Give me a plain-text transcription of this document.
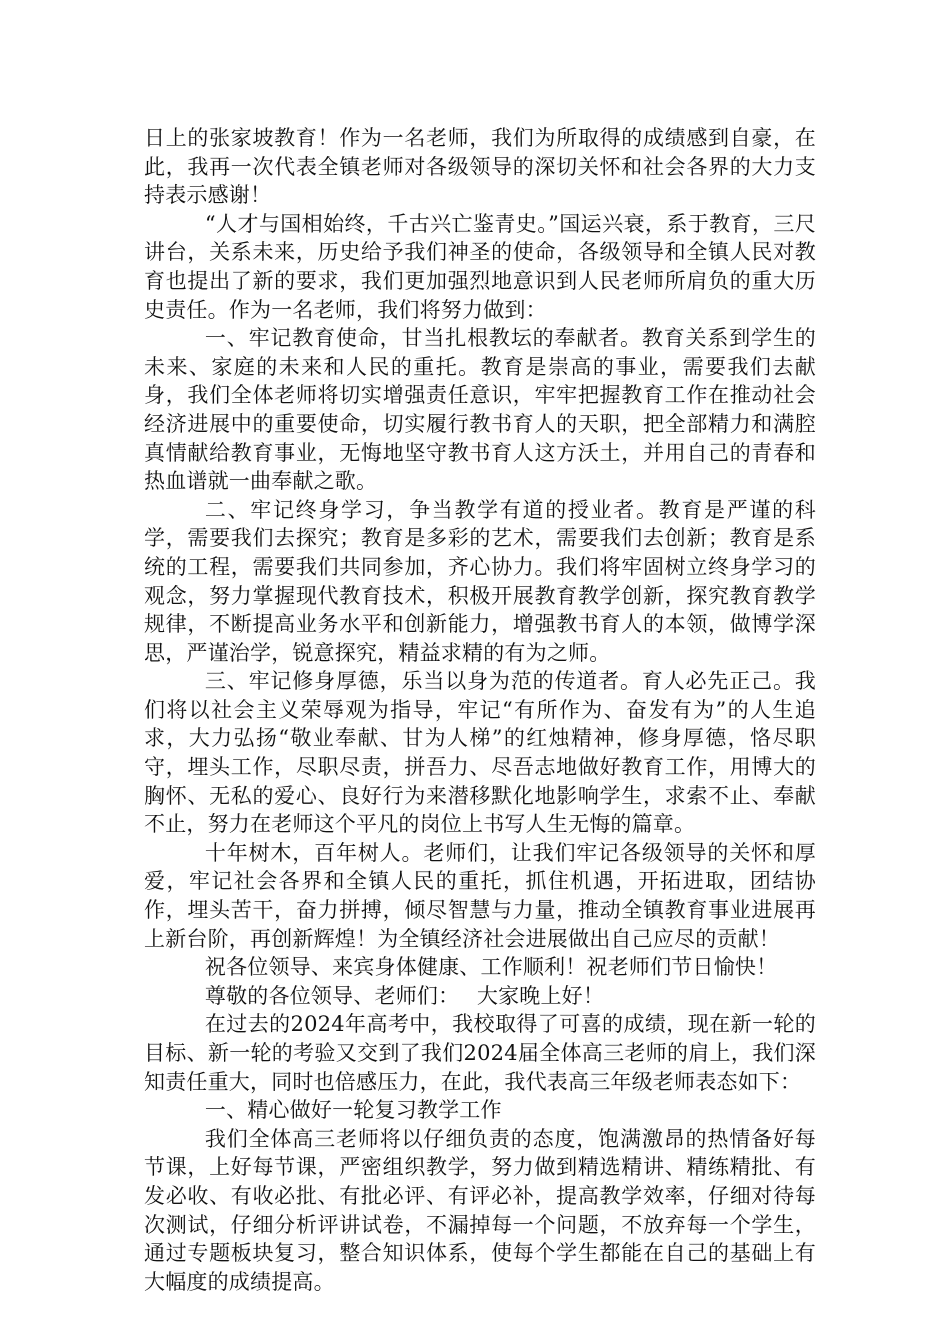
日上的张家坡教育！作为一名老师，我们为所取得的成绩感到自豪，在此，我再一次代表全镇老师对各级领导的深切关怀和社会各界的大力支持表示感谢！

“人才与国相始终，千古兴亡鉴青史。”国运兴衰，系于教育，三尺讲台，关系未来，历史给予我们神圣的使命，各级领导和全镇人民对教育也提出了新的要求，我们更加强烈地意识到人民老师所肩负的重大历史责任。作为一名老师，我们将努力做到：

一、牢记教育使命，甘当扎根教坛的奉献者。教育关系到学生的未来、家庭的未来和人民的重托。教育是崇高的事业，需要我们去献身，我们全体老师将切实增强责任意识，牢牢把握教育工作在推动社会经济进展中的重要使命，切实履行教书育人的天职，把全部精力和满腔真情献给教育事业，无悔地坚守教书育人这方沃土，并用自己的青春和热血谱就一曲奉献之歌。

二、牢记终身学习，争当教学有道的授业者。教育是严谨的科学，需要我们去探究；教育是多彩的艺术，需要我们去创新；教育是系统的工程，需要我们共同参加，齐心协力。我们将牢固树立终身学习的观念，努力掌握现代教育技术，积极开展教育教学创新，探究教育教学规律，不断提高业务水平和创新能力，增强教书育人的本领，做博学深思，严谨治学，锐意探究，精益求精的有为之师。

三、牢记修身厚德，乐当以身为范的传道者。育人必先正己。我们将以社会主义荣辱观为指导，牢记“有所作为、奋发有为”的人生追求，大力弘扬“敬业奉献、甘为人梯”的红烛精神，修身厚德，恪尽职守，埋头工作，尽职尽责，拼吾力、尽吾志地做好教育工作，用博大的胸怀、无私的爱心、良好行为来潜移默化地影响学生，求索不止、奉献不止，努力在老师这个平凡的岗位上书写人生无悔的篇章。

十年树木，百年树人。老师们，让我们牢记各级领导的关怀和厚爱，牢记社会各界和全镇人民的重托，抓住机遇，开拓进取，团结协作，埋头苦干，奋力拼搏，倾尽智慧与力量，推动全镇教育事业进展再上新台阶，再创新辉煌！为全镇经济社会进展做出自己应尽的贡献！

祝各位领导、来宾身体健康、工作顺利！祝老师们节日愉快！

尊敬的各位领导、老师们：　 大家晚上好！

在过去的2024年高考中，我校取得了可喜的成绩，现在新一轮的目标、新一轮的考验又交到了我们2024届全体高三老师的肩上，我们深知责任重大，同时也倍感压力，在此，我代表高三年级老师表态如下：

一、精心做好一轮复习教学工作

我们全体高三老师将以仔细负责的态度，饱满激昂的热情备好每节课，上好每节课，严密组织教学，努力做到精选精讲、精练精批、有发必收、有收必批、有批必评、有评必补，提高教学效率，仔细对待每次测试，仔细分析评讲试卷，不漏掉每一个问题，不放弃每一个学生，通过专题板块复习，整合知识体系，使每个学生都能在自己的基础上有大幅度的成绩提高。
